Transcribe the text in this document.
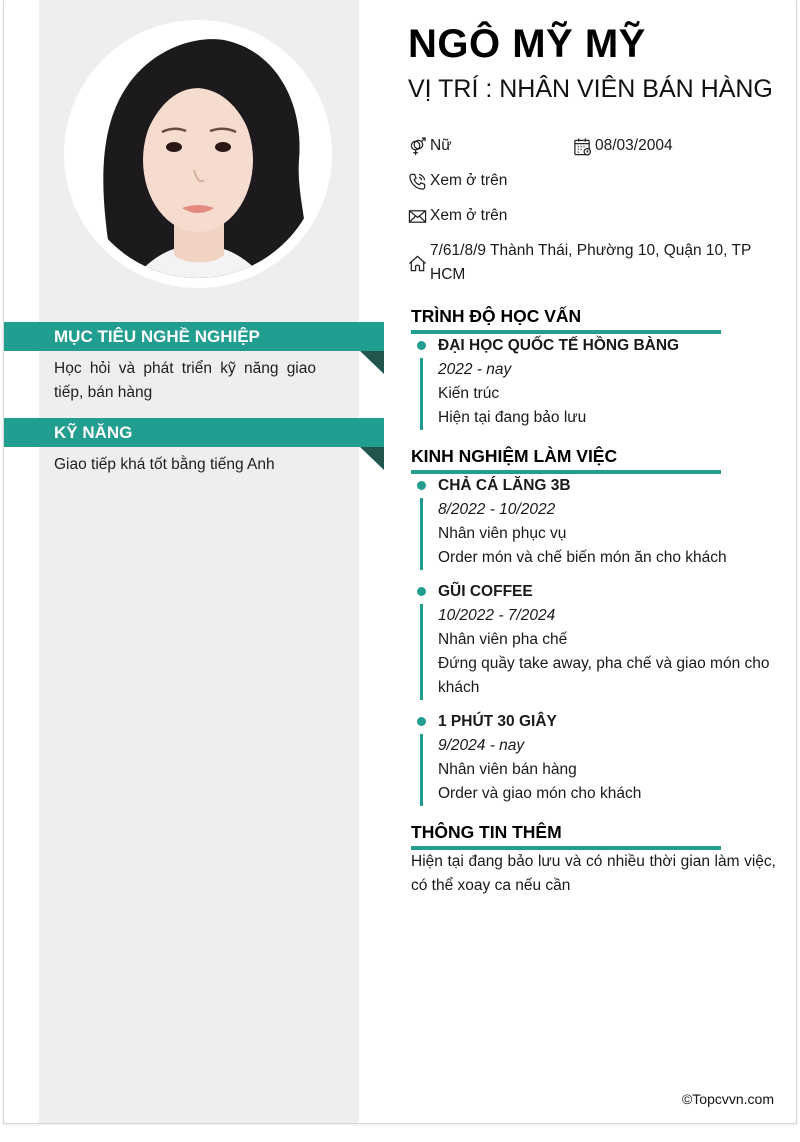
MỤC TIÊU NGHỀ NGHIỆP
Học hỏi và phát triển kỹ năng giao tiếp, bán hàng
KỸ NĂNG
Giao tiếp khá tốt bằng tiếng Anh
NGÔ MỸ MỸ
VỊ TRÍ : NHÂN VIÊN BÁN HÀNG
Nữ	08/03/2004
Xem ở trên
Xem ở trên
7/61/8/9 Thành Thái, Phường 10, Quận 10, TP HCM
TRÌNH ĐỘ HỌC VẤN
ĐẠI HỌC QUỐC TẾ HỒNG BÀNG
2022 - nay
Kiến trúc
Hiện tại đang bảo lưu
KINH NGHIỆM LÀM VIỆC
CHẢ CÁ LĂNG 3B
8/2022 - 10/2022
Nhân viên phục vụ
Order món và chế biến món ăn cho khách
GŨI COFFEE
10/2022 - 7/2024
Nhân viên pha chế
Đứng quầy take away, pha chế và giao món cho khách
1 PHÚT 30 GIÂY
9/2024 - nay
Nhân viên bán hàng
Order và giao món cho khách
THÔNG TIN THÊM
Hiện tại đang bảo lưu và có nhiều thời gian làm việc, có thể xoay ca nếu cần
©Topcvvn.com
